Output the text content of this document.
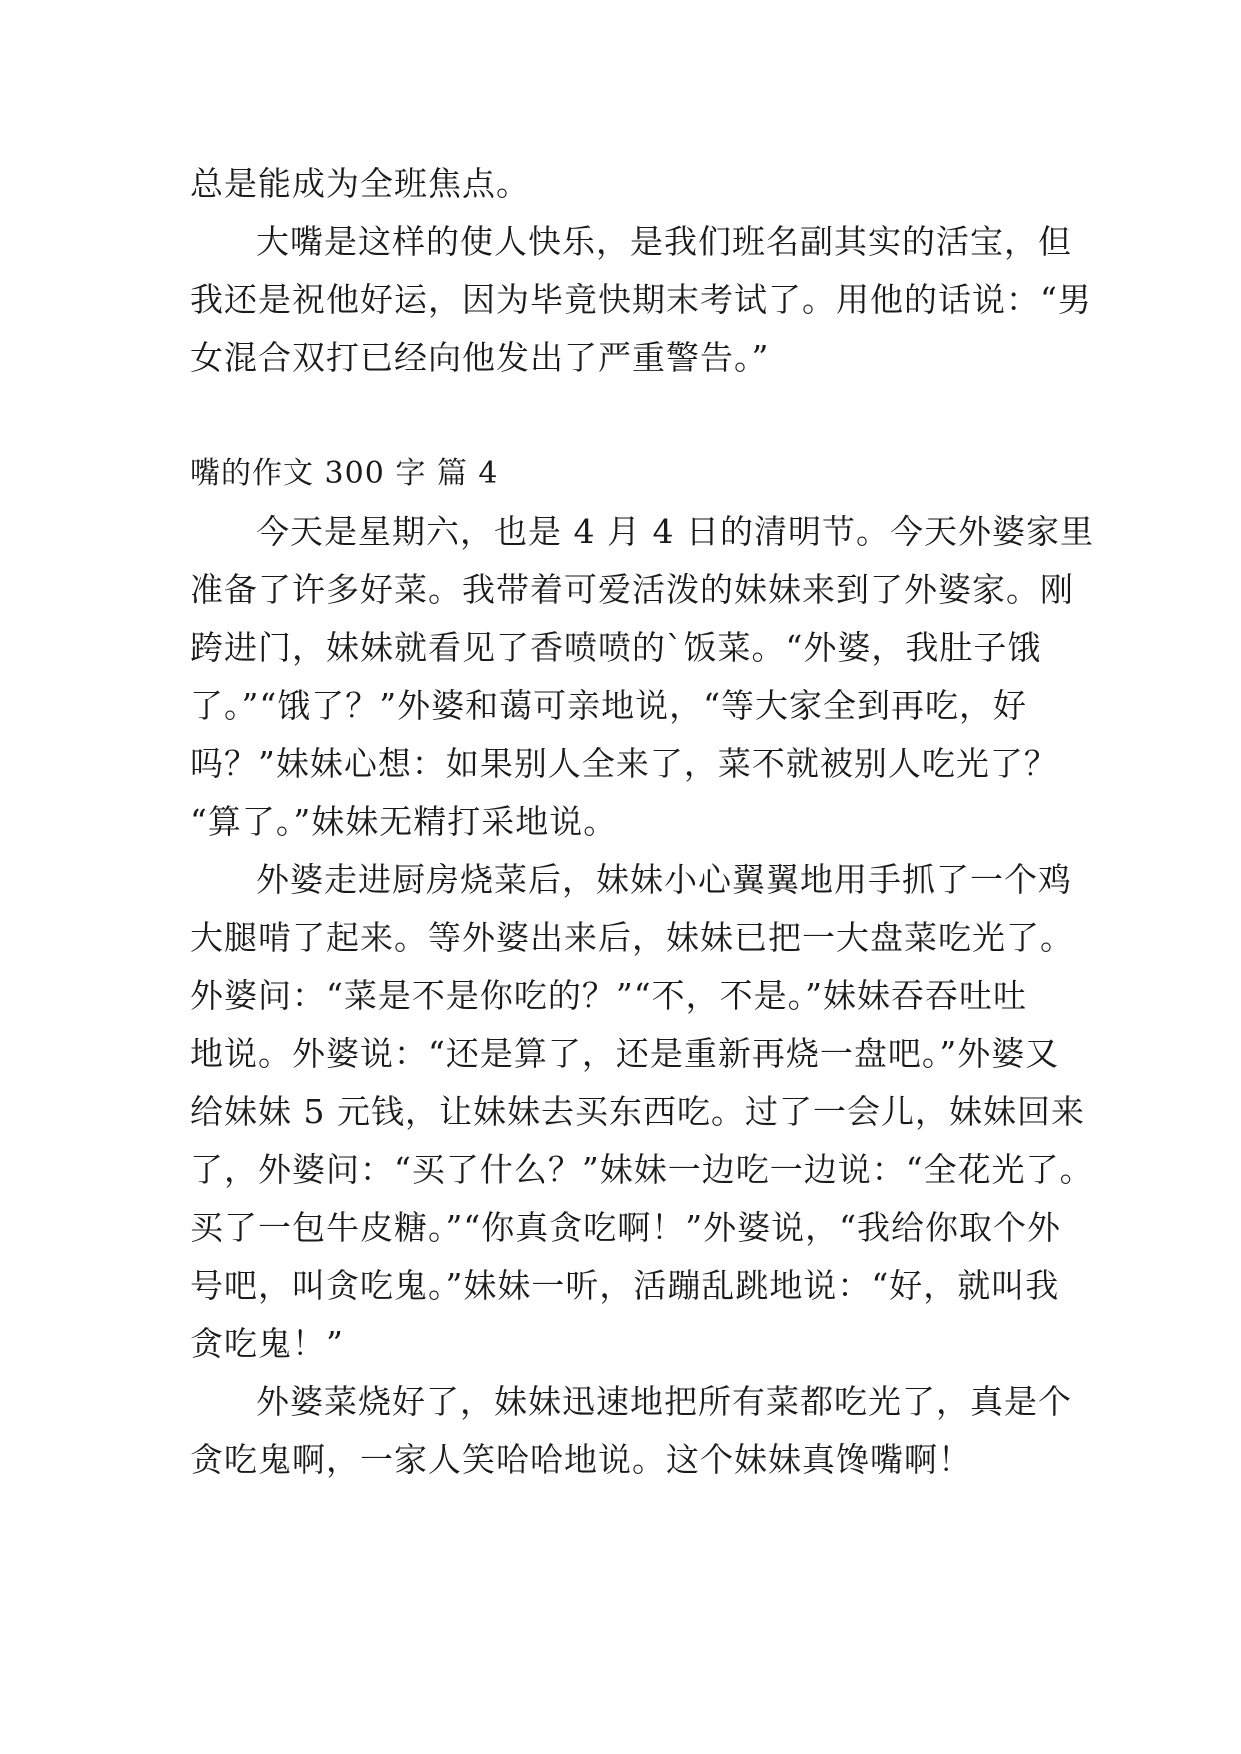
总是能成为全班焦点。
大嘴是这样的使人快乐，是我们班名副其实的活宝，但
我还是祝他好运，因为毕竟快期末考试了。用他的话说：“男
女混合双打已经向他发出了严重警告。”
嘴的作文 300 字 篇 4
今天是星期六，也是 4 月 4 日的清明节。今天外婆家里
准备了许多好菜。我带着可爱活泼的妹妹来到了外婆家。刚
跨进门，妹妹就看见了香喷喷的`饭菜。“外婆，我肚子饿
了。”“饿了？”外婆和蔼可亲地说，“等大家全到再吃，好
吗？”妹妹心想：如果别人全来了，菜不就被别人吃光了？
“算了。”妹妹无精打采地说。
外婆走进厨房烧菜后，妹妹小心翼翼地用手抓了一个鸡
大腿啃了起来。等外婆出来后，妹妹已把一大盘菜吃光了。
外婆问：“菜是不是你吃的？”“不，不是。”妹妹吞吞吐吐
地说。外婆说：“还是算了，还是重新再烧一盘吧。”外婆又
给妹妹 5 元钱，让妹妹去买东西吃。过了一会儿，妹妹回来
了，外婆问：“买了什么？”妹妹一边吃一边说：“全花光了。
买了一包牛皮糖。”“你真贪吃啊！”外婆说，“我给你取个外
号吧，叫贪吃鬼。”妹妹一听，活蹦乱跳地说：“好，就叫我
贪吃鬼！”
外婆菜烧好了，妹妹迅速地把所有菜都吃光了，真是个
贪吃鬼啊，一家人笑哈哈地说。这个妹妹真馋嘴啊！
